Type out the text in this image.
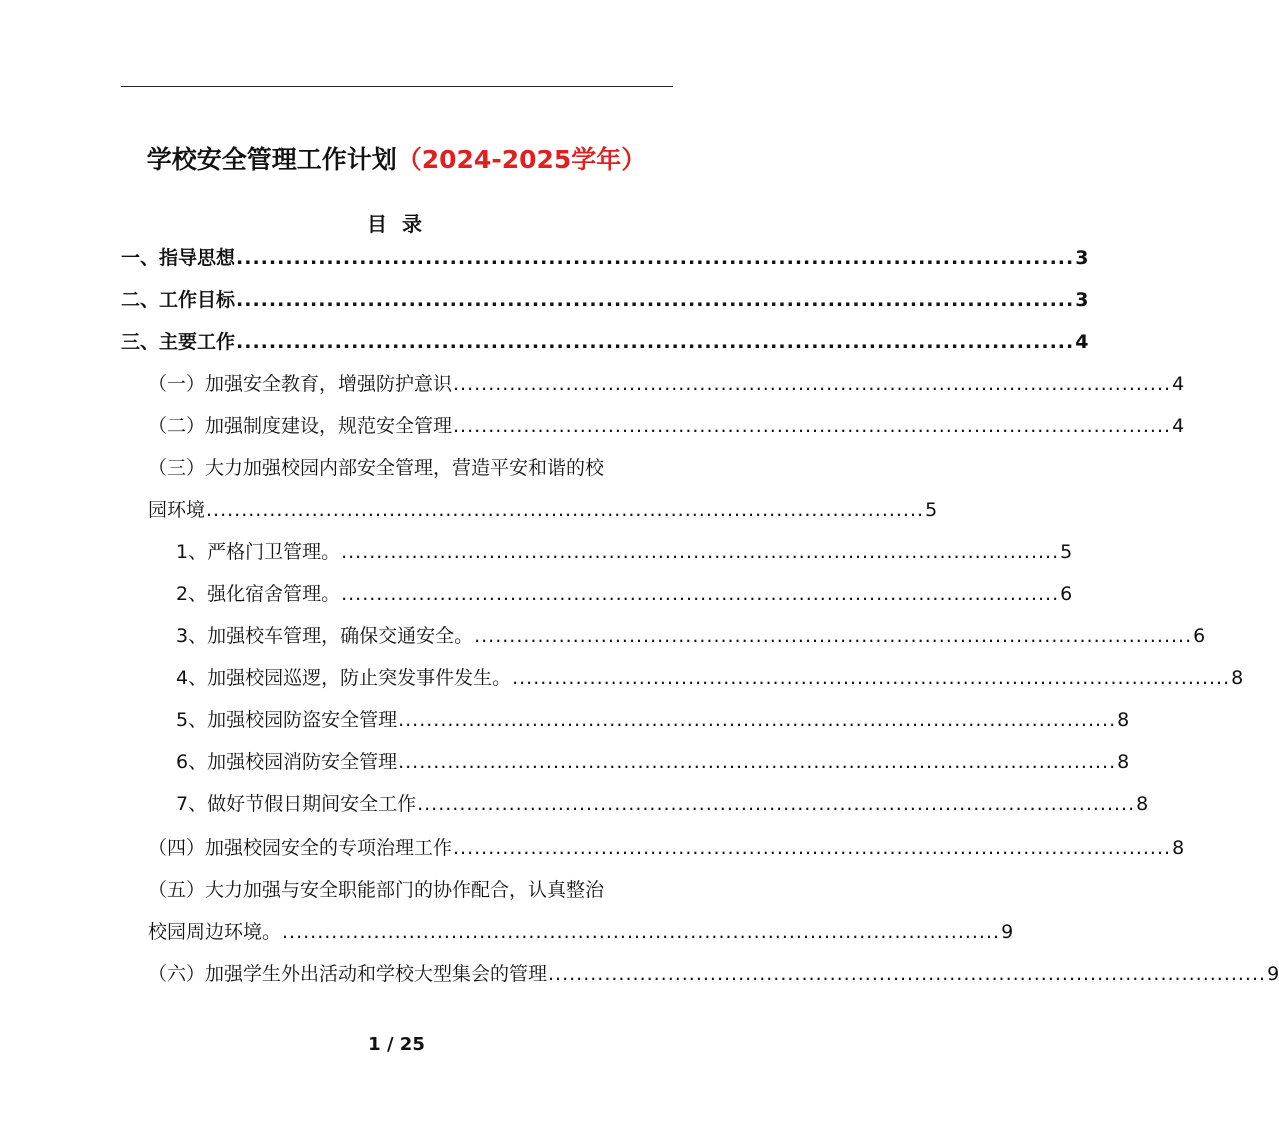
学校安全管理工作计划（2024-2025学年）
目 录
一、指导思想 ...................................................................................................... 3
二、工作目标 ...................................................................................................... 3
三、主要工作 ...................................................................................................... 4
（一）加强安全教育，增强防护意识 ...................................................................................................... 4
（二）加强制度建设，规范安全管理 ...................................................................................................... 4
（三）大力加强校园内部安全管理，营造平安和谐的校
园环境 ...................................................................................................... 5
1、严格门卫管理。 ...................................................................................................... 5
2、强化宿舍管理。 ...................................................................................................... 6
3、加强校车管理，确保交通安全。 ...................................................................................................... 6
4、加强校园巡逻，防止突发事件发生。 ...................................................................................................... 8
5、加强校园防盗安全管理 ...................................................................................................... 8
6、加强校园消防安全管理 ...................................................................................................... 8
7、做好节假日期间安全工作 ...................................................................................................... 8
（四）加强校园安全的专项治理工作 ...................................................................................................... 8
（五）大力加强与安全职能部门的协作配合，认真整治
校园周边环境。 ...................................................................................................... 9
（六）加强学生外出活动和学校大型集会的管理 ...................................................................................................... 9
1 / 25
